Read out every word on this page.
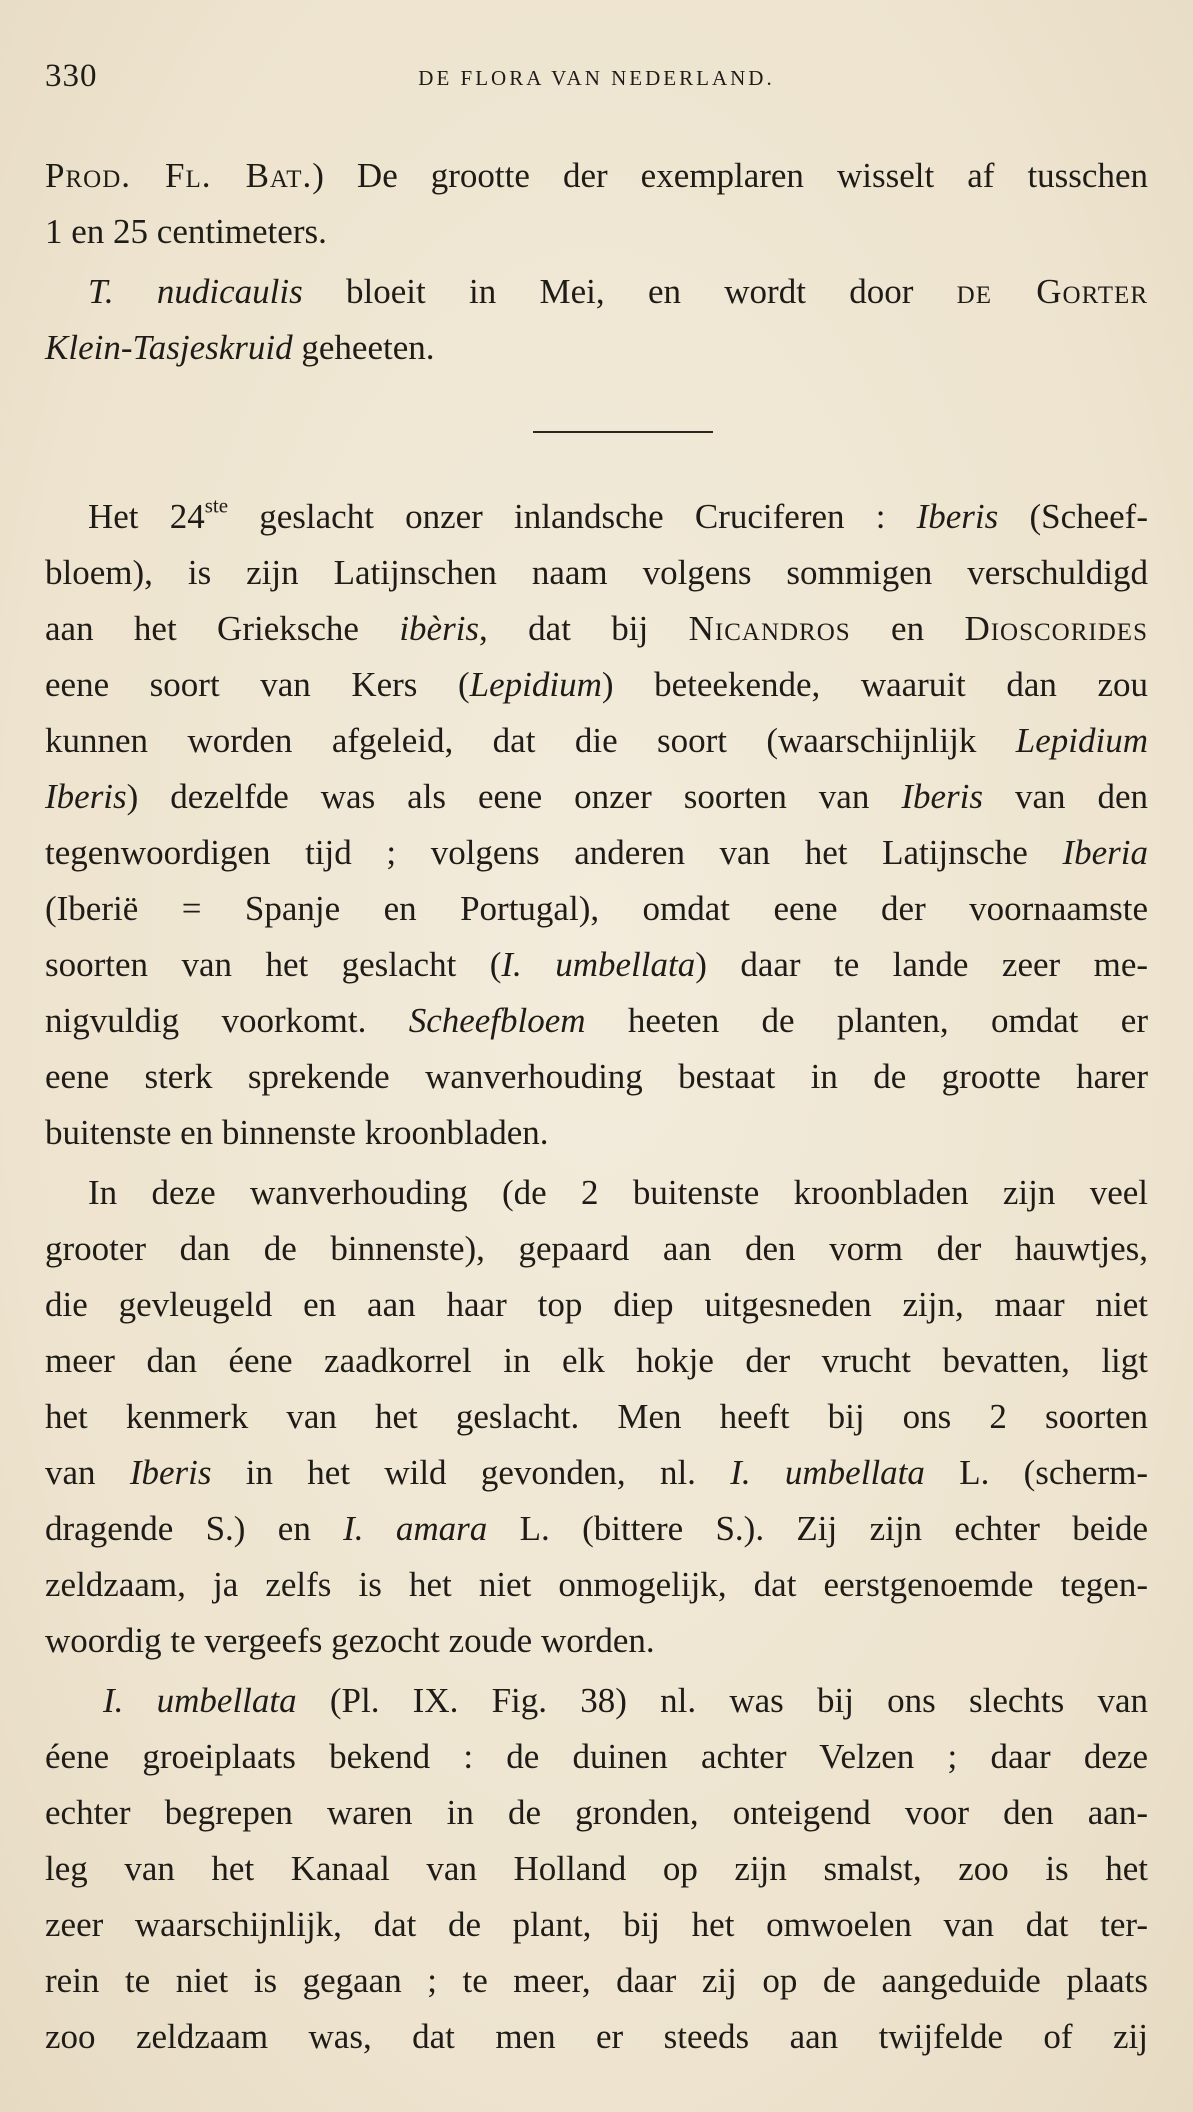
330	DE FLORA VAN NEDERLAND.
Prod. Fl. Bat.) De grootte der exemplaren wisselt af tusschen
1 en 25 centimeters.
T. nudicaulis bloeit in Mei, en wordt door de Gorter
Klein-Tasjeskruid geheeten.
Het 24ste geslacht onzer inlandsche Cruciferen : Iberis (Scheef-
bloem), is zijn Latijnschen naam volgens sommigen verschuldigd
aan het Grieksche ibèris, dat bij Nicandros en Dioscorides
eene soort van Kers (Lepidium) beteekende, waaruit dan zou
kunnen worden afgeleid, dat die soort (waarschijnlijk Lepidium
Iberis) dezelfde was als eene onzer soorten van Iberis van den
tegenwoordigen tijd ; volgens anderen van het Latijnsche Iberia
(Iberië = Spanje en Portugal), omdat eene der voornaamste
soorten van het geslacht (I. umbellata) daar te lande zeer me-
nigvuldig voorkomt. Scheefbloem heeten de planten, omdat er
eene sterk sprekende wanverhouding bestaat in de grootte harer
buitenste en binnenste kroonbladen.
In deze wanverhouding (de 2 buitenste kroonbladen zijn veel
grooter dan de binnenste), gepaard aan den vorm der hauwtjes,
die gevleugeld en aan haar top diep uitgesneden zijn, maar niet
meer dan éene zaadkorrel in elk hokje der vrucht bevatten, ligt
het kenmerk van het geslacht. Men heeft bij ons 2 soorten
van Iberis in het wild gevonden, nl. I. umbellata L. (scherm-
dragende S.) en I. amara L. (bittere S.). Zij zijn echter beide
zeldzaam, ja zelfs is het niet onmogelijk, dat eerstgenoemde tegen-
woordig te vergeefs gezocht zoude worden.
I. umbellata (Pl. IX. Fig. 38) nl. was bij ons slechts van
éene groeiplaats bekend : de duinen achter Velzen ; daar deze
echter begrepen waren in de gronden, onteigend voor den aan-
leg van het Kanaal van Holland op zijn smalst, zoo is het
zeer waarschijnlijk, dat de plant, bij het omwoelen van dat ter-
rein te niet is gegaan ; te meer, daar zij op de aangeduide plaats
zoo zeldzaam was, dat men er steeds aan twijfelde of zij
